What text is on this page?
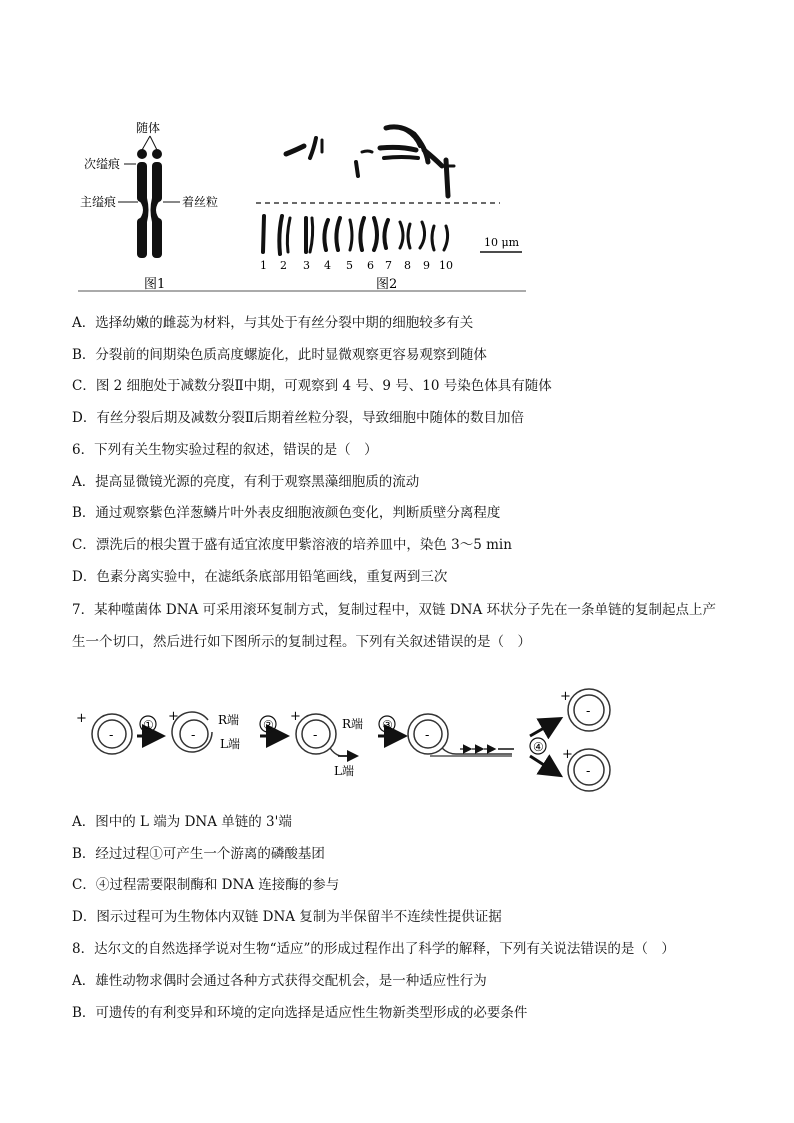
随体
次缢痕
主缢痕	着丝粒
图1
10 μm
1 2 3 4 5 6 7 8 9 10
图2
A．选择幼嫩的雌蕊为材料，与其处于有丝分裂中期的细胞较多有关
B．分裂前的间期染色质高度螺旋化，此时显微观察更容易观察到随体
C．图 2 细胞处于减数分裂Ⅱ中期，可观察到 4 号、9 号、10 号染色体具有随体
D．有丝分裂后期及减数分裂Ⅱ后期着丝粒分裂，导致细胞中随体的数目加倍
6．下列有关生物实验过程的叙述，错误的是（　）
A．提高显微镜光源的亮度，有利于观察黑藻细胞质的流动
B．通过观察紫色洋葱鳞片叶外表皮细胞液颜色变化，判断质壁分离程度
C．漂洗后的根尖置于盛有适宜浓度甲紫溶液的培养皿中，染色 3～5 min
D．色素分离实验中，在滤纸条底部用铅笔画线，重复两到三次
7．某种噬菌体 DNA 可采用滚环复制方式，复制过程中，双链 DNA 环状分子先在一条单链的复制起点上产
生一个切口，然后进行如下图所示的复制过程。下列有关叙述错误的是（　）
+
-
①
+
-
R端
L端
②
+
-
R端
L端
③
-
④
+
-
+
-
A．图中的 L 端为 DNA 单链的 3'端
B．经过过程①可产生一个游离的磷酸基团
C．④过程需要限制酶和 DNA 连接酶的参与
D．图示过程可为生物体内双链 DNA 复制为半保留半不连续性提供证据
8．达尔文的自然选择学说对生物“适应”的形成过程作出了科学的解释，下列有关说法错误的是（　）
A．雄性动物求偶时会通过各种方式获得交配机会，是一种适应性行为
B．可遗传的有利变异和环境的定向选择是适应性生物新类型形成的必要条件
